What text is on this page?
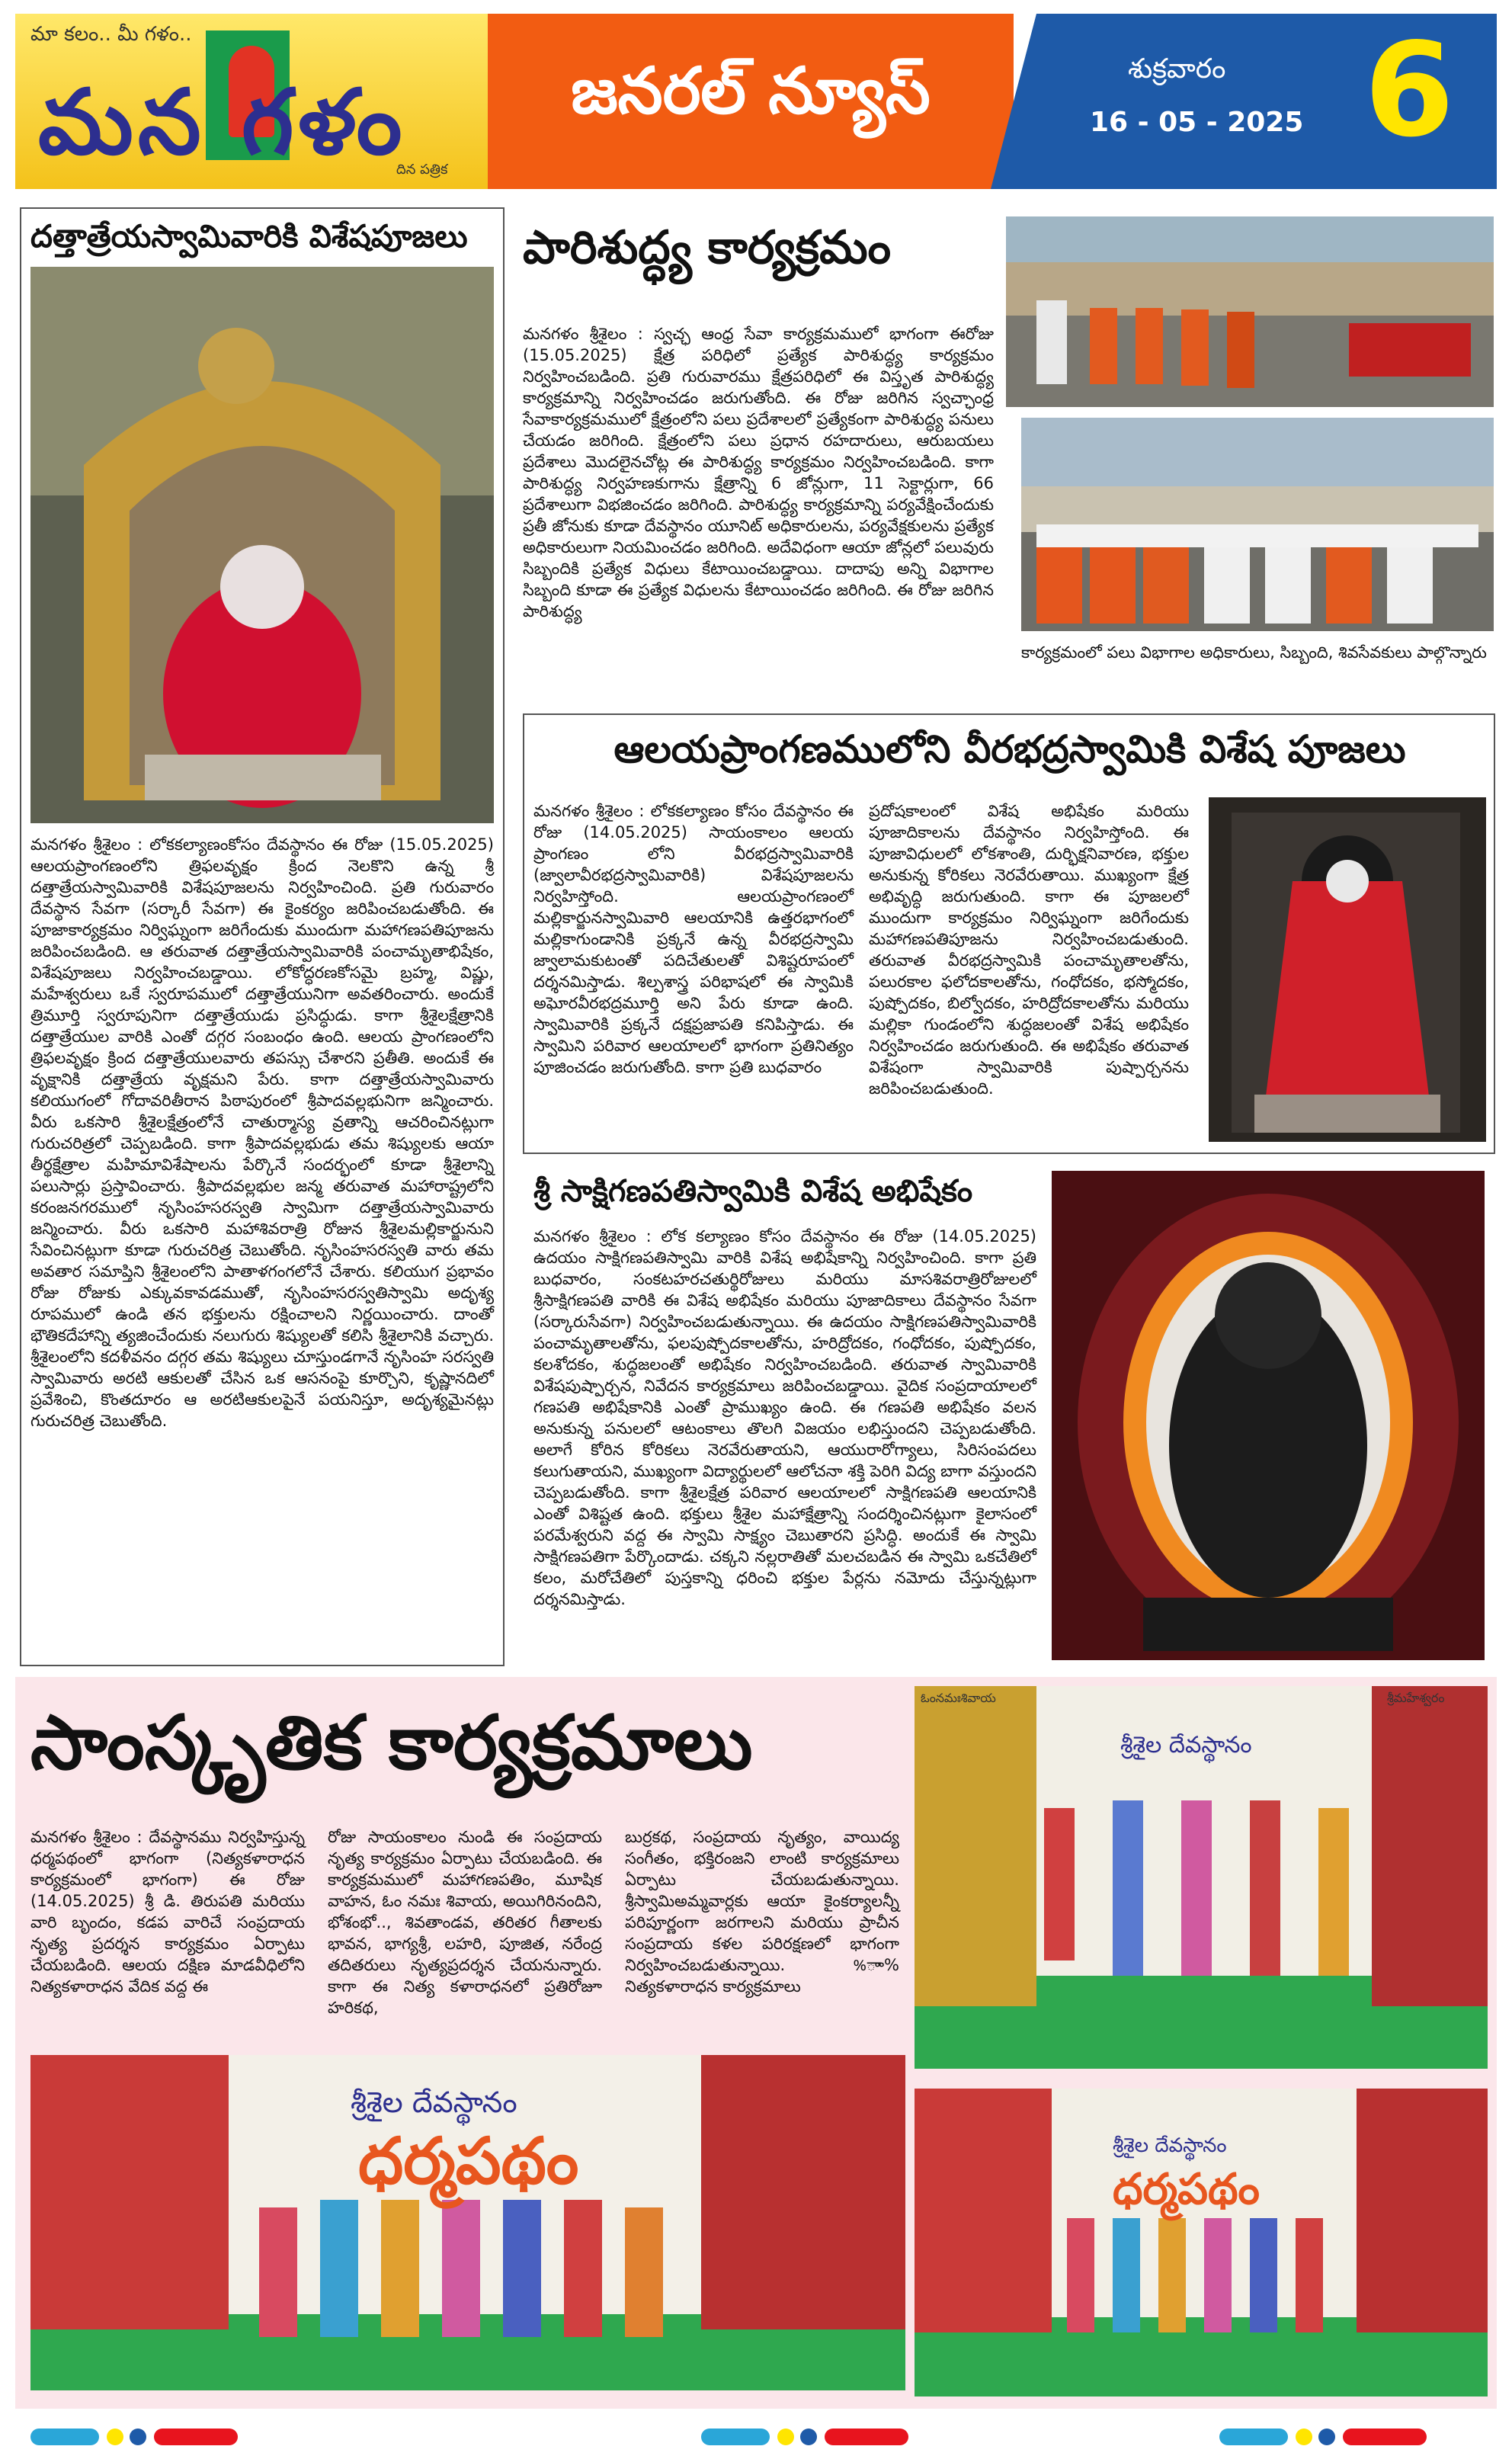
మా కలం.. మీ గళం..
మన గళం
దిన పత్రిక
జనరల్ న్యూస్	శుక్రవారం
16 - 05 - 2025 6
దత్తాత్రేయస్వామివారికి విశేషపూజలు
మనగళం శ్రీశైలం : లోకకల్యాణంకోసం దేవస్థానం ఈ రోజు (15.05.2025) ఆలయప్రాంగణంలోని త్రిఫలవృక్షం క్రింద నెలకొని ఉన్న శ్రీ దత్తాత్రేయస్వామివారికి విశేషపూజలను నిర్వహించింది. ప్రతి గురువారం దేవస్థాన సేవగా (సర్కారీ సేవగా) ఈ కైంకర్యం జరిపించబడుతోంది. ఈ పూజాకార్యక్రమం నిర్విఘ్నంగా జరిగేందుకు ముందుగా మహాగణపతిపూజను జరిపించబడింది. ఆ తరువాత దత్తాత్రేయస్వామివారికి పంచామృతాభిషేకం, విశేషపూజలు నిర్వహించబడ్డాయి. లోకోద్ధరణకోసమై బ్రహ్మ, విష్ణు, మహేశ్వరులు ఒకే స్వరూపములో దత్తాత్రేయునిగా అవతరించారు. అందుకే త్రిమూర్తి స్వరూపునిగా దత్తాత్రేయుడు ప్రసిద్ధుడు. కాగా శ్రీశైలక్షేత్రానికి దత్తాత్రేయుల వారికి ఎంతో దగ్గర సంబంధం ఉంది. ఆలయ ప్రాంగణంలోని త్రిఫలవృక్షం క్రింద దత్తాత్రేయులవారు తపస్సు చేశారని ప్రతీతి. అందుకే ఈ వృక్షానికి దత్తాత్రేయ వృక్షమని పేరు. కాగా దత్తాత్రేయస్వామివారు కలియుగంలో గోదావరితీరాన పిఠాపురంలో శ్రీపాదవల్లభునిగా జన్మించారు. వీరు ఒకసారి శ్రీశైలక్షేత్రంలోనే చాతుర్మాస్య వ్రతాన్ని ఆచరించినట్లుగా గురుచరిత్రలో చెప్పబడింది. కాగా శ్రీపాదవల్లభుడు తమ శిష్యులకు ఆయా తీర్థక్షేత్రాల మహిమావిశేషాలను పేర్కొనే సందర్భంలో కూడా శ్రీశైలాన్ని పలుసార్లు ప్రస్తావించారు. శ్రీపాదవల్లభుల జన్మ తరువాత మహారాష్ట్రలోని కరంజనగరములో నృసింహసరస్వతి స్వామిగా దత్తాత్రేయస్వామివారు జన్మించారు. వీరు ఒకసారి మహాశివరాత్రి రోజున శ్రీశైలమల్లికార్జునుని సేవించినట్లుగా కూడా గురుచరిత్ర చెబుతోంది. నృసింహసరస్వతి వారు తమ అవతార సమాప్తిని శ్రీశైలంలోని పాతాళగంగలోనే చేశారు. కలియుగ ప్రభావం రోజు రోజుకు ఎక్కువకావడముతో, నృసింహసరస్వతిస్వామి అదృశ్య రూపములో ఉండి తన భక్తులను రక్షించాలని నిర్ణయించారు. దాంతో భౌతికదేహాన్ని త్యజించేందుకు నలుగురు శిష్యులతో కలిసి శ్రీశైలానికి వచ్చారు. శ్రీశైలంలోని కదళీవనం దగ్గర తమ శిష్యులు చూస్తుండగానే నృసింహ సరస్వతి స్వామివారు అరటి ఆకులతో చేసిన ఒక ఆసనంపై కూర్చొని, కృష్ణానదిలో ప్రవేశించి, కొంతదూరం ఆ అరటిఆకులపైనే పయనిస్తూ, అదృశ్యమైనట్లు గురుచరిత్ర చెబుతోంది.
పారిశుద్ధ్య కార్యక్రమం
మనగళం శ్రీశైలం : స్వచ్ఛ ఆంధ్ర సేవా కార్యక్రమములో భాగంగా ఈరోజు (15.05.2025) క్షేత్ర పరిధిలో ప్రత్యేక పారిశుద్ధ్య కార్యక్రమం నిర్వహించబడింది. ప్రతి గురువారము క్షేత్రపరిధిలో ఈ విస్తృత పారిశుద్ధ్య కార్యక్రమాన్ని నిర్వహించడం జరుగుతోంది. ఈ రోజు జరిగిన స్వచ్ఛాంధ్ర సేవాకార్యక్రమములో క్షేత్రంలోని పలు ప్రదేశాలలో ప్రత్యేకంగా పారిశుద్ధ్య పనులు చేయడం జరిగింది. క్షేత్రంలోని పలు ప్రధాన రహదారులు, ఆరుబయలు ప్రదేశాలు మొదలైనచోట్ల ఈ పారిశుద్ధ్య కార్యక్రమం నిర్వహించబడింది. కాగా పారిశుద్ధ్య నిర్వహణకుగాను క్షేత్రాన్ని 6 జోన్లుగా, 11 సెక్టార్లుగా, 66 ప్రదేశాలుగా విభజించడం జరిగింది. పారిశుద్ధ్య కార్యక్రమాన్ని పర్యవేక్షించేందుకు ప్రతీ జోనుకు కూడా దేవస్థానం యూనిట్ అధికారులను, పర్యవేక్షకులను ప్రత్యేక అధికారులుగా నియమించడం జరిగింది. అదేవిధంగా ఆయా జోన్లలో పలువురు సిబ్బందికి ప్రత్యేక విధులు కేటాయించబడ్డాయి. దాదాపు అన్ని విభాగాల సిబ్బంది కూడా ఈ ప్రత్యేక విధులను కేటాయించడం జరిగింది. ఈ రోజు జరిగిన పారిశుద్ధ్య
కార్యక్రమంలో పలు విభాగాల అధికారులు, సిబ్బంది, శివసేవకులు పాల్గొన్నారు
ఆలయప్రాంగణములోని వీరభద్రస్వామికి విశేష పూజలు
మనగళం శ్రీశైలం : లోకకల్యాణం కోసం దేవస్థానం ఈ రోజు (14.05.2025) సాయంకాలం ఆలయ ప్రాంగణం లోని వీరభద్రస్వామివారికి (జ్వాలావీరభద్రస్వామివారికి) విశేషపూజలను నిర్వహిస్తోంది. ఆలయప్రాంగణంలో మల్లికార్జునస్వామివారి ఆలయానికి ఉత్తరభాగంలో మల్లికాగుండానికి ప్రక్కనే ఉన్న వీరభద్రస్వామి జ్వాలామకుటంతో పదిచేతులతో విశిష్టరూపంలో దర్శనమిస్తాడు. శిల్పశాస్త్ర పరిభాషలో ఈ స్వామికి అఘోరవీరభద్రమూర్తి అని పేరు కూడా ఉంది. స్వామివారికి ప్రక్కనే దక్షప్రజాపతి కనిపిస్తాడు. ఈ స్వామిని పరివార ఆలయాలలో భాగంగా ప్రతినిత్యం పూజించడం జరుగుతోంది. కాగా ప్రతి బుధవారం
ప్రదోషకాలంలో విశేష అభిషేకం మరియు పూజాదికాలను దేవస్థానం నిర్వహిస్తోంది. ఈ పూజావిధులలో లోకశాంతి, దుర్భిక్షనివారణ, భక్తుల అనుకున్న కోరికలు నెరవేరుతాయి. ముఖ్యంగా క్షేత్ర అభివృద్ధి జరుగుతుంది. కాగా ఈ పూజలలో ముందుగా కార్యక్రమం నిర్విఘ్నంగా జరిగేందుకు మహాగణపతిపూజను నిర్వహించబడుతుంది. తరువాత వీరభద్రస్వామికి పంచామృతాలతోను, పలురకాల ఫలోదకాలతోను, గంధోదకం, భస్మోదకం, పుష్పోదకం, బిల్వోదకం, హరిద్రోదకాలతోను మరియు మల్లికా గుండంలోని శుద్ధజలంతో విశేష అభిషేకం నిర్వహించడం జరుగుతుంది. ఈ అభిషేకం తరువాత విశేషంగా స్వామివారికి పుష్పార్చనను జరిపించబడుతుంది.
శ్రీ సాక్షిగణపతిస్వామికి విశేష అభిషేకం
మనగళం శ్రీశైలం : లోక కల్యాణం కోసం దేవస్థానం ఈ రోజు (14.05.2025) ఉదయం సాక్షిగణపతిస్వామి వారికి విశేష అభిషేకాన్ని నిర్వహించింది. కాగా ప్రతి బుధవారం, సంకటహరచతుర్థిరోజులు మరియు మాసశివరాత్రిరోజులలో శ్రీసాక్షిగణపతి వారికి ఈ విశేష అభిషేకం మరియు పూజాదికాలు దేవస్థానం సేవగా (సర్కారుసేవగా) నిర్వహించబడుతున్నాయి. ఈ ఉదయం సాక్షిగణపతిస్వామివారికి పంచామృతాలతోను, ఫలపుష్పోదకాలతోను, హరిద్రోదకం, గంధోదకం, పుష్పోదకం, కలశోదకం, శుద్ధజలంతో అభిషేకం నిర్వహించబడింది. తరువాత స్వామివారికి విశేషపుష్పార్చన, నివేదన కార్యక్రమాలు జరిపించబడ్డాయి. వైదిక సంప్రదాయాలలో గణపతి అభిషేకానికి ఎంతో ప్రాముఖ్యం ఉంది. ఈ గణపతి అభిషేకం వలన అనుకున్న పనులలో ఆటంకాలు తొలగి విజయం లభిస్తుందని చెప్పబడుతోంది. అలాగే కోరిన కోరికలు నెరవేరుతాయని, ఆయురారోగ్యాలు, సిరిసంపదలు కలుగుతాయని, ముఖ్యంగా విద్యార్థులలో ఆలోచనా శక్తి పెరిగి విద్య బాగా వస్తుందని చెప్పబడుతోంది. కాగా శ్రీశైలక్షేత్ర పరివార ఆలయాలలో సాక్షిగణపతి ఆలయానికి ఎంతో విశిష్టత ఉంది. భక్తులు శ్రీశైల మహాక్షేత్రాన్ని సందర్శించినట్లుగా కైలాసంలో పరమేశ్వరుని వద్ద ఈ స్వామి సాక్ష్యం చెబుతారని ప్రసిద్ధి. అందుకే ఈ స్వామి సాక్షిగణపతిగా పేర్కొందాడు. చక్కని నల్లరాతితో మలచబడిన ఈ స్వామి ఒకచేతిలో కలం, మరోచేతిలో పుస్తకాన్ని ధరించి భక్తుల పేర్లను నమోదు చేస్తున్నట్లుగా దర్శనమిస్తాడు.
సాంస్కృతిక కార్యక్రమాలు
మనగళం శ్రీశైలం : దేవస్థానము నిర్వహిస్తున్న ధర్మపథంలో భాగంగా (నిత్యకళారాధన కార్యక్రమంలో భాగంగా) ఈ రోజు (14.05.2025) శ్రీ డి. తిరుపతి మరియు వారి బృందం, కడప వారిచే సంప్రదాయ నృత్య ప్రదర్శన కార్యక్రమం ఏర్పాటు చేయబడింది. ఆలయ దక్షిణ మాడవీధిలోని నిత్యకళారాధన వేదిక వద్ద ఈ
రోజు సాయంకాలం నుండి ఈ సంప్రదాయ నృత్య కార్యక్రమం ఏర్పాటు చేయబడింది. ఈ కార్యక్రమములో మహాగణపతిం, మూషిక వాహన, ఓం నమః శివాయ, అయిగిరినందిని, భోశంభో.., శివతాండవ, తరితర గీతాలకు భావన, భాగ్యశ్రీ, లహరి, పూజిత, నరేంద్ర తదితరులు నృత్యప్రదర్శన చేయనున్నారు. కాగా ఈ నిత్య కళారాధనలో ప్రతిరోజూ హరికథ,
బుర్రకథ, సంప్రదాయ నృత్యం, వాయిద్య సంగీతం, భక్తిరంజని లాంటి కార్యక్రమాలు ఏర్పాటు చేయబడుతున్నాయి. శ్రీస్వామిఅమ్మవార్లకు ఆయా కైంకర్యాలన్నీ పరిపూర్ణంగా జరగాలని మరియు ప్రాచీన సంప్రదాయ కళల పరిరక్షణలో భాగంగా నిర్వహించబడుతున్నాయి. %ాా% నిత్యకళారాధన కార్యక్రమాలు
ఓంనమఃశివాయ	శ్రీమహేశ్వరం
శ్రీశైల దేవస్థానం
శ్రీశైల దేవస్థానం
ధర్మపథం	శ్రీశైల దేవస్థానం
ధర్మపథం
